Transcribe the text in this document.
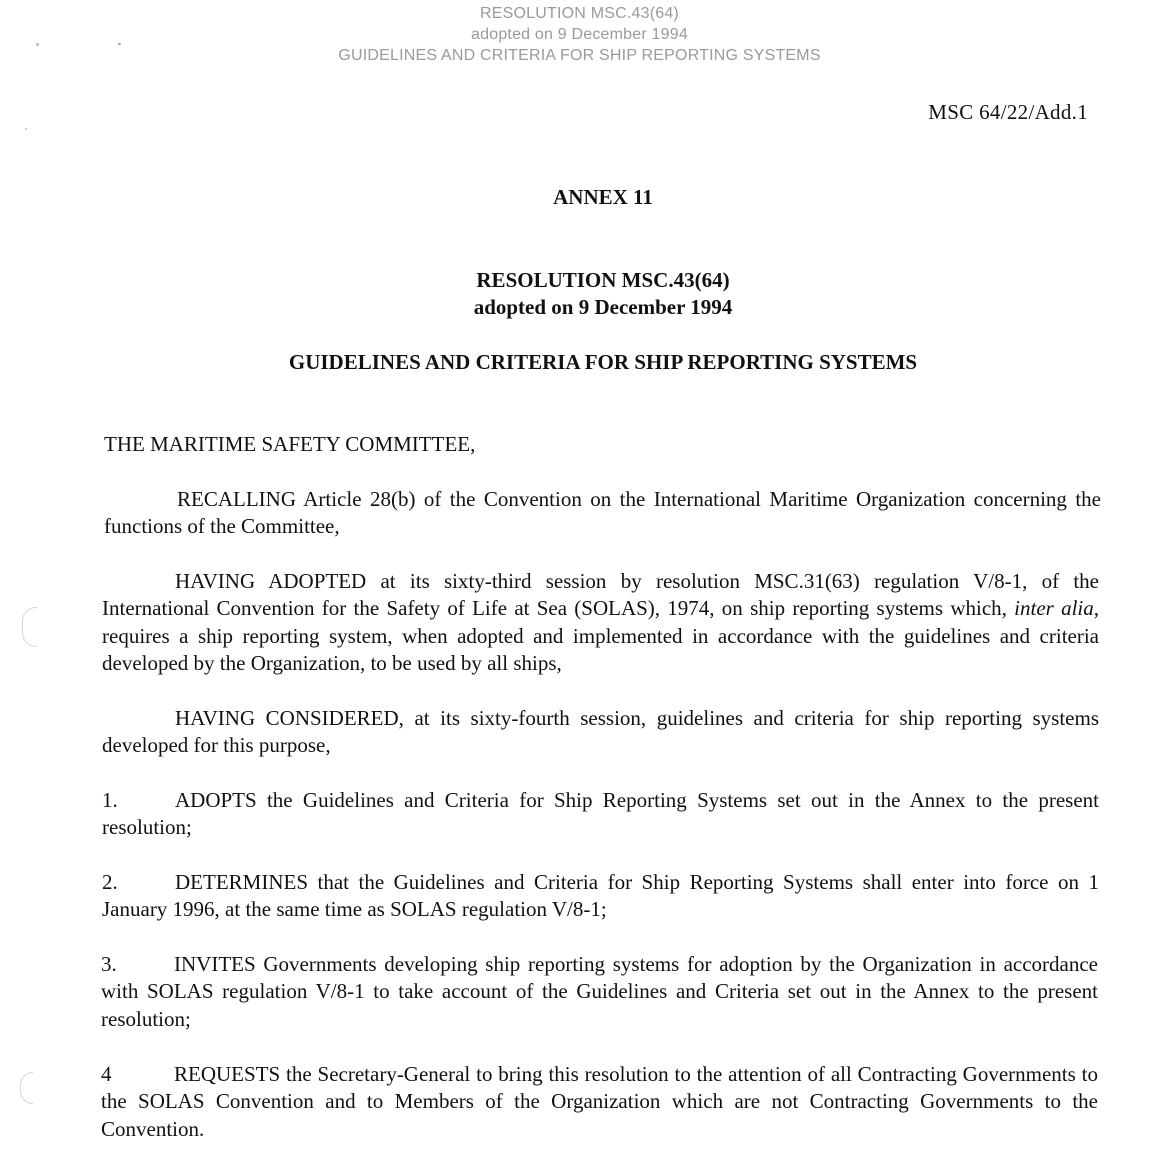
RESOLUTION MSC.43(64)
adopted on 9 December 1994
GUIDELINES AND CRITERIA FOR SHIP REPORTING SYSTEMS
MSC 64/22/Add.1
ANNEX 11
RESOLUTION MSC.43(64)
adopted on 9 December 1994
GUIDELINES AND CRITERIA FOR SHIP REPORTING SYSTEMS
THE MARITIME SAFETY COMMITTEE,
RECALLING Article 28(b) of the Convention on the International Maritime Organization concerning the functions of the Committee,
HAVING ADOPTED at its sixty-third session by resolution MSC.31(63) regulation V/8-1, of the International Convention for the Safety of Life at Sea (SOLAS), 1974, on ship reporting systems which, inter alia, requires a ship reporting system, when adopted and implemented in accordance with the guidelines and criteria developed by the Organization, to be used by all ships,
HAVING CONSIDERED, at its sixty-fourth session, guidelines and criteria for ship reporting systems developed for this purpose,
1.	ADOPTS the Guidelines and Criteria for Ship Reporting Systems set out in the Annex to the present resolution;
2.	DETERMINES that the Guidelines and Criteria for Ship Reporting Systems shall enter into force on 1 January 1996, at the same time as SOLAS regulation V/8-1;
3.	INVITES Governments developing ship reporting systems for adoption by the Organization in accordance with SOLAS regulation V/8-1 to take account of the Guidelines and Criteria set out in the Annex to the present resolution;
4	REQUESTS the Secretary-General to bring this resolution to the attention of all Contracting Governments to the SOLAS Convention and to Members of the Organization which are not Contracting Governments to the Convention.
